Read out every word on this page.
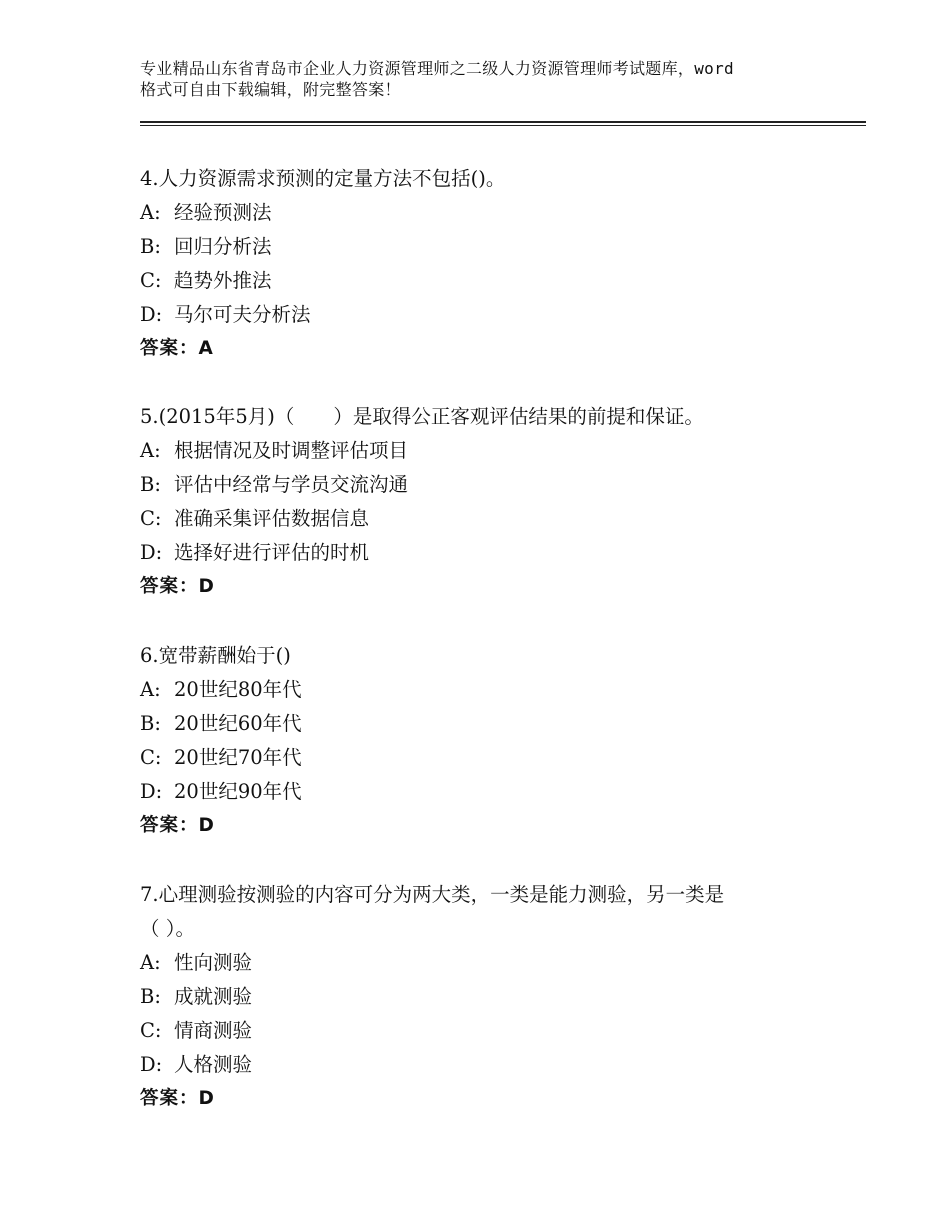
专业精品山东省青岛市企业人力资源管理师之二级人力资源管理师考试题库，word
格式可自由下载编辑，附完整答案！
4.人力资源需求预测的定量方法不包括()。
A: 经验预测法
B: 回归分析法
C: 趋势外推法
D: 马尔可夫分析法
答案：A
5.(2015年5月)（　　）是取得公正客观评估结果的前提和保证。
A: 根据情况及时调整评估项目
B: 评估中经常与学员交流沟通
C: 准确采集评估数据信息
D: 选择好进行评估的时机
答案：D
6.宽带薪酬始于()
A: 20世纪80年代
B: 20世纪60年代
C: 20世纪70年代
D: 20世纪90年代
答案：D
7.心理测验按测验的内容可分为两大类，一类是能力测验，另一类是
（ ）。
A: 性向测验
B: 成就测验
C: 情商测验
D: 人格测验
答案：D
